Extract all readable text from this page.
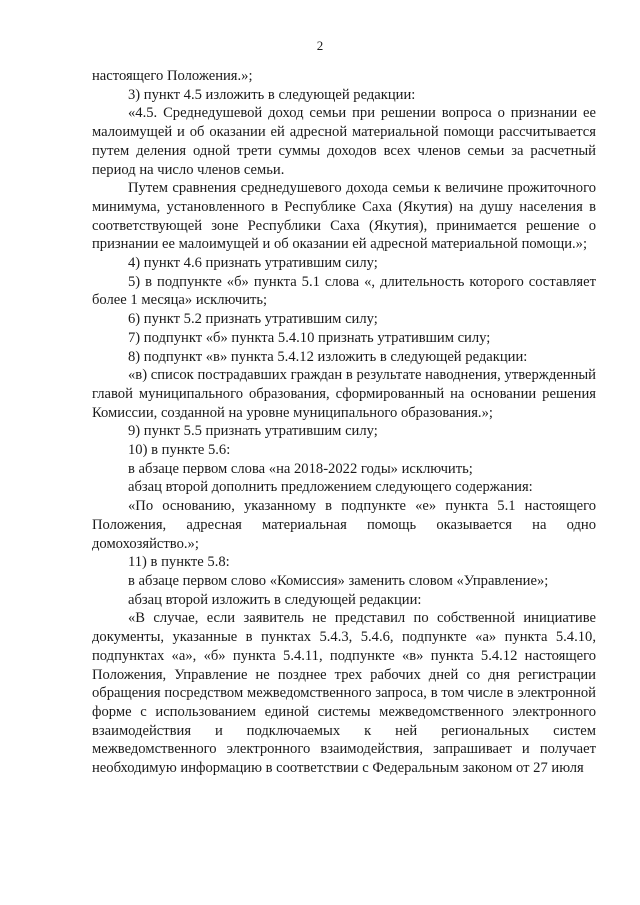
2

настоящего Положения.»;

3) пункт 4.5 изложить в следующей редакции:

«4.5. Среднедушевой доход семьи при решении вопроса о признании ее малоимущей и об оказании ей адресной материальной помощи рассчитывается путем деления одной трети суммы доходов всех членов семьи за расчетный период на число членов семьи.

Путем сравнения среднедушевого дохода семьи к величине прожиточного минимума, установленного в Республике Саха (Якутия) на душу населения в соответствующей зоне Республики Саха (Якутия), принимается решение о признании ее малоимущей и об оказании ей адресной материальной помощи.»;

4) пункт 4.6 признать утратившим силу;

5) в подпункте «б» пункта 5.1 слова «, длительность которого составляет более 1 месяца» исключить;

6) пункт 5.2 признать утратившим силу;

7) подпункт «б» пункта 5.4.10 признать утратившим силу;

8) подпункт «в» пункта 5.4.12 изложить в следующей редакции:

«в) список пострадавших граждан в результате наводнения, утвержденный главой муниципального образования, сформированный на основании решения Комиссии, созданной на уровне муниципального образования.»;

9) пункт 5.5 признать утратившим силу;

10) в пункте 5.6:

в абзаце первом слова «на 2018-2022 годы» исключить;

абзац второй дополнить предложением следующего содержания:

«По основанию, указанному в подпункте «е» пункта 5.1 настоящего Положения, адресная материальная помощь оказывается на одно домохозяйство.»;

11) в пункте 5.8:

в абзаце первом слово «Комиссия» заменить словом «Управление»;

абзац второй изложить в следующей редакции:

«В случае, если заявитель не представил по собственной инициативе документы, указанные в пунктах 5.4.3, 5.4.6, подпункте «а» пункта 5.4.10, подпунктах «а», «б» пункта 5.4.11, подпункте «в» пункта 5.4.12 настоящего Положения, Управление не позднее трех рабочих дней со дня регистрации обращения посредством межведомственного запроса, в том числе в электронной форме с использованием единой системы межведомственного электронного взаимодействия и подключаемых к ней региональных систем межведомственного электронного взаимодействия, запрашивает и получает необходимую информацию в соответствии с Федеральным законом от 27 июля
